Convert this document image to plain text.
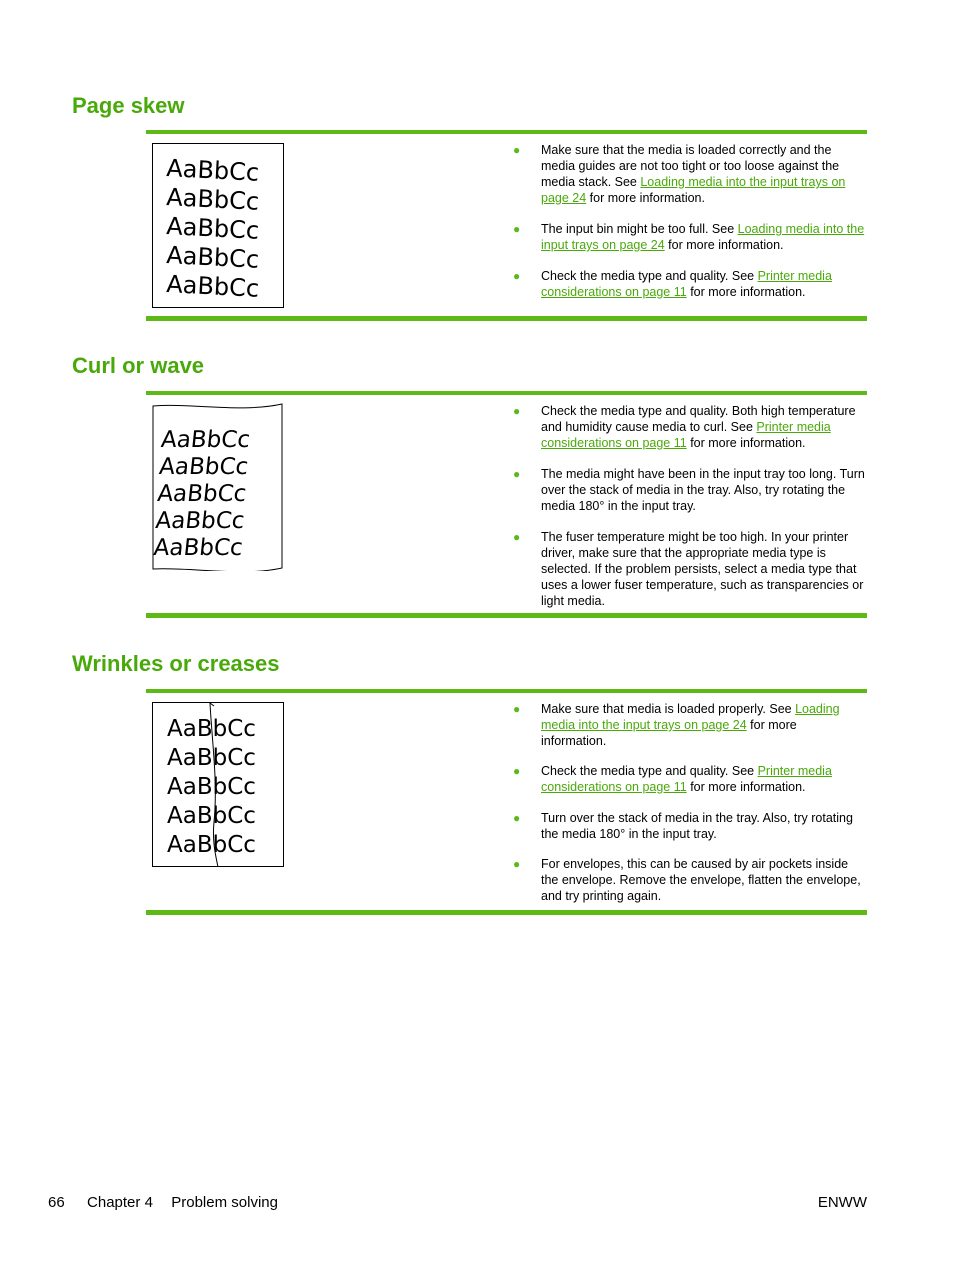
Page skew
AaBbCc
AaBbCc
AaBbCc
AaBbCc
AaBbCc
● Make sure that the media is loaded correctly and the media guides are not too tight or too loose against the media stack. See Loading media into the input trays on page 24 for more information.
● The input bin might be too full. See Loading media into the input trays on page 24 for more information.
● Check the media type and quality. See Printer media considerations on page 11 for more information.
Curl or wave
AaBbCc
AaBbCc
AaBbCc
AaBbCc
AaBbCc
● Check the media type and quality. Both high temperature and humidity cause media to curl. See Printer media considerations on page 11 for more information.
● The media might have been in the input tray too long. Turn over the stack of media in the tray. Also, try rotating the media 180° in the input tray.
● The fuser temperature might be too high. In your printer driver, make sure that the appropriate media type is selected. If the problem persists, select a media type that uses a lower fuser temperature, such as transparencies or light media.
Wrinkles or creases
AaBbCc
AaBbCc
AaBbCc
AaBbCc
AaBbCc
● Make sure that media is loaded properly. See Loading media into the input trays on page 24 for more information.
● Check the media type and quality. See Printer media considerations on page 11 for more information.
● Turn over the stack of media in the tray. Also, try rotating the media 180° in the input tray.
● For envelopes, this can be caused by air pockets inside the envelope. Remove the envelope, flatten the envelope, and try printing again.
66 Chapter 4 Problem solving	ENWW
